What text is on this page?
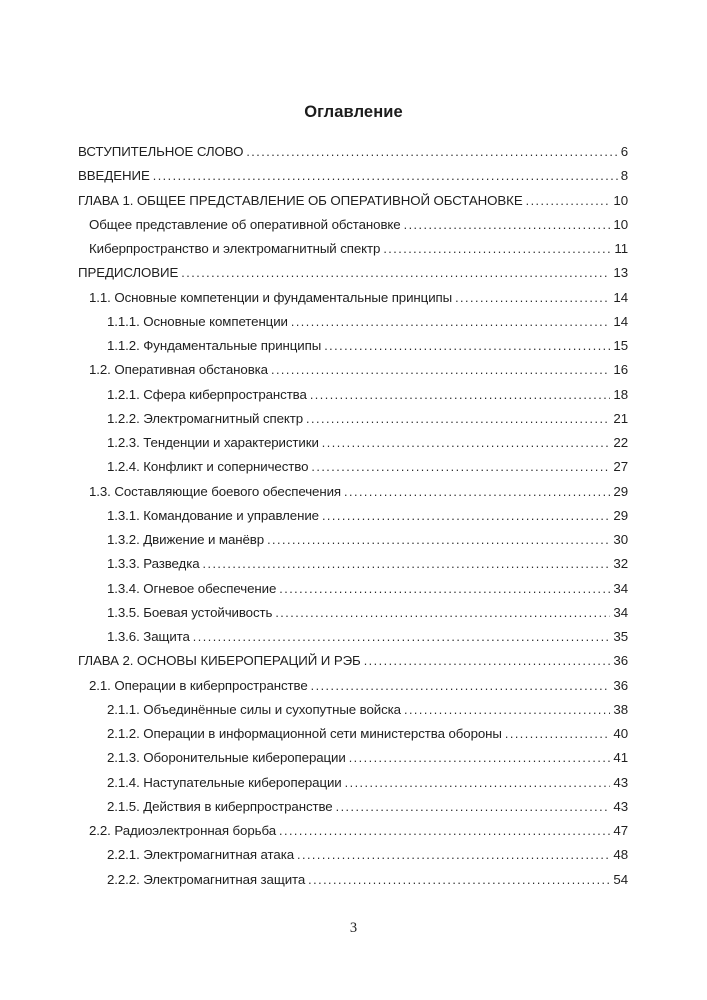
Оглавление
ВСТУПИТЕЛЬНОЕ СЛОВО .....	6
ВВЕДЕНИЕ .....	8
ГЛАВА 1. ОБЩЕЕ ПРЕДСТАВЛЕНИЕ ОБ ОПЕРАТИВНОЙ ОБСТАНОВКЕ .....	10
Общее представление об оперативной обстановке .....	10
Киберпространство и электромагнитный спектр .....	11
ПРЕДИСЛОВИЕ .....	13
1.1. Основные компетенции и фундаментальные принципы .....	14
1.1.1. Основные компетенции .....	14
1.1.2. Фундаментальные принципы .....	15
1.2. Оперативная обстановка .....	16
1.2.1. Сфера киберпространства .....	18
1.2.2. Электромагнитный спектр .....	21
1.2.3. Тенденции и характеристики .....	22
1.2.4. Конфликт и соперничество .....	27
1.3. Составляющие боевого обеспечения .....	29
1.3.1. Командование и управление .....	29
1.3.2. Движение и манёвр .....	30
1.3.3. Разведка .....	32
1.3.4. Огневое обеспечение .....	34
1.3.5. Боевая устойчивость .....	34
1.3.6. Защита .....	35
ГЛАВА 2. ОСНОВЫ КИБЕРОПЕРАЦИЙ И РЭБ .....	36
2.1. Операции в киберпространстве .....	36
2.1.1. Объединённые силы и сухопутные войска .....	38
2.1.2. Операции в информационной сети министерства обороны .....	40
2.1.3. Оборонительные кибероперации .....	41
2.1.4. Наступательные кибероперации .....	43
2.1.5. Действия в киберпространстве .....	43
2.2. Радиоэлектронная борьба .....	47
2.2.1. Электромагнитная атака .....	48
2.2.2. Электромагнитная защита .....	54
3
